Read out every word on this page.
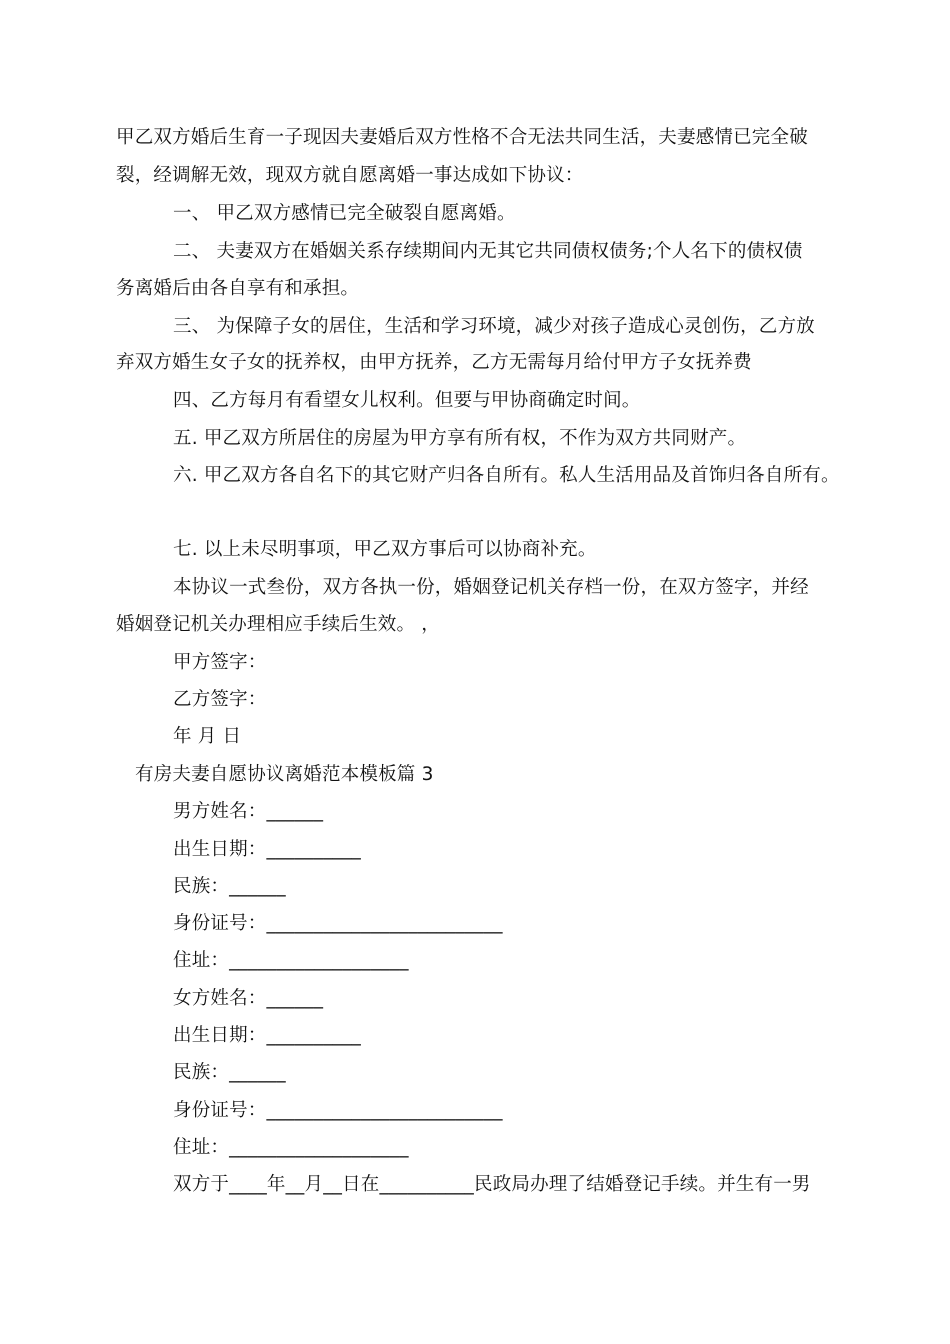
甲乙双方婚后生育一子现因夫妻婚后双方性格不合无法共同生活，夫妻感情已完全破
裂，经调解无效，现双方就自愿离婚一事达成如下协议：
一、 甲乙双方感情已完全破裂自愿离婚。
二、 夫妻双方在婚姻关系存续期间内无其它共同债权债务;个人名下的债权债
务离婚后由各自享有和承担。
三、 为保障子女的居住，生活和学习环境，减少对孩子造成心灵创伤，乙方放
弃双方婚生女子女的抚养权，由甲方抚养，乙方无需每月给付甲方子女抚养费
四、乙方每月有看望女儿权利。但要与甲协商确定时间。
五. 甲乙双方所居住的房屋为甲方享有所有权，不作为双方共同财产。
六. 甲乙双方各自名下的其它财产归各自所有。私人生活用品及首饰归各自所有。
七. 以上未尽明事项，甲乙双方事后可以协商补充。
本协议一式叁份，双方各执一份，婚姻登记机关存档一份，在双方签字，并经
婚姻登记机关办理相应手续后生效。 ，
甲方签字：
乙方签字：
年 月 日
有房夫妻自愿协议离婚范本模板篇 3
男方姓名：______
出生日期：__________
民族：______
身份证号：_________________________
住址：___________________
女方姓名：______
出生日期：__________
民族：______
身份证号：_________________________
住址：___________________
双方于____年__月__日在__________民政局办理了结婚登记手续。并生有一男
